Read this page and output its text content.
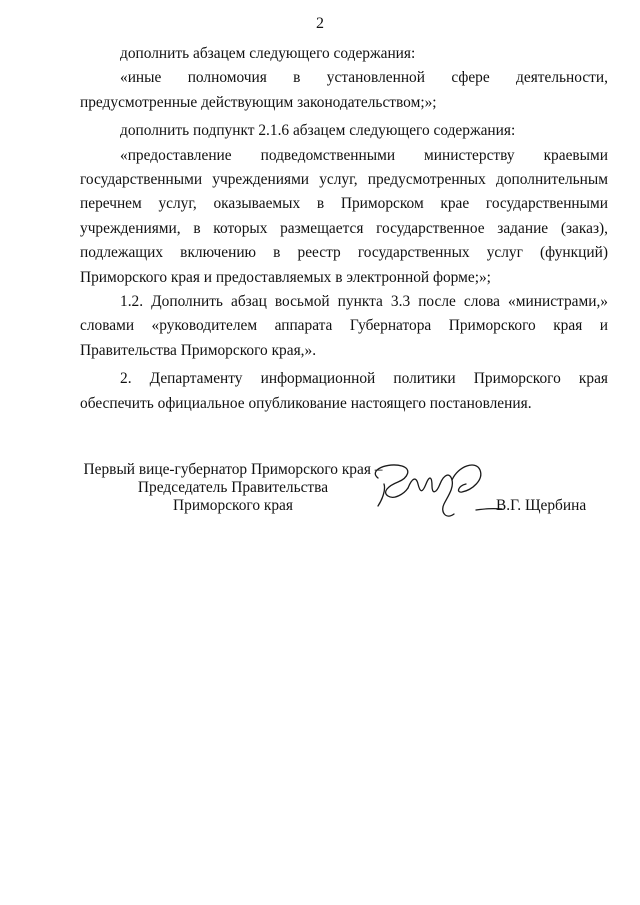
2

дополнить абзацем следующего содержания:

«иные полномочия в установленной сфере деятельности, предусмотренные действующим законодательством;»;

дополнить подпункт 2.1.6 абзацем следующего содержания:

«предоставление подведомственными министерству краевыми государственными учреждениями услуг, предусмотренных дополнительным перечнем услуг, оказываемых в Приморском крае государственными учреждениями, в которых размещается государственное задание (заказ), подлежащих включению в реестр государственных услуг (функций) Приморского края и предоставляемых в электронной форме;»;

1.2. Дополнить абзац восьмой пункта 3.3 после слова «министрами,» словами «руководителем аппарата Губернатора Приморского края и Правительства Приморского края,».

2. Департаменту информационной политики Приморского края обеспечить официальное опубликование настоящего постановления.

Первый вице-губернатор Приморского края –
Председатель Правительства
Приморского края	В.Г. Щербина
